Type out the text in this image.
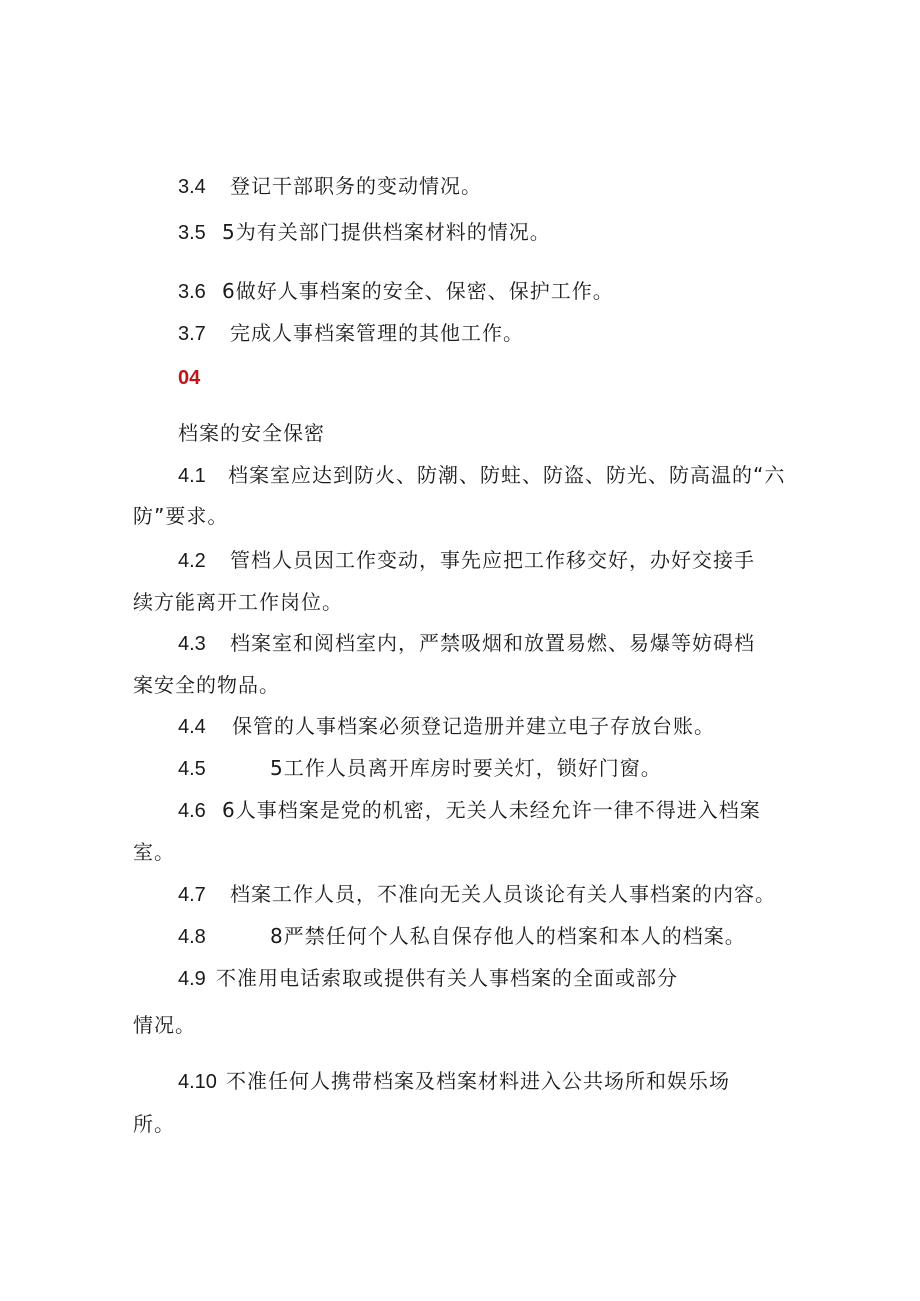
3.4 登记干部职务的变动情况。
3.5 5为有关部门提供档案材料的情况。
3.6 6做好人事档案的安全、保密、保护工作。
3.7 完成人事档案管理的其他工作。
04
档案的安全保密
4.1 档案室应达到防火、防潮、防蛀、防盗、防光、防高温的“六
防”要求。
4.2 管档人员因工作变动，事先应把工作移交好，办好交接手
续方能离开工作岗位。
4.3 档案室和阅档室内，严禁吸烟和放置易燃、易爆等妨碍档
案安全的物品。
4.4 保管的人事档案必须登记造册并建立电子存放台账。
4.5	5工作人员离开库房时要关灯，锁好门窗。
4.6 6人事档案是党的机密，无关人未经允许一律不得进入档案
室。
4.7 档案工作人员，不准向无关人员谈论有关人事档案的内容。
4.8	8严禁任何个人私自保存他人的档案和本人的档案。
4.9 不准用电话索取或提供有关人事档案的全面或部分
情况。
4.10 不准任何人携带档案及档案材料进入公共场所和娱乐场
所。
